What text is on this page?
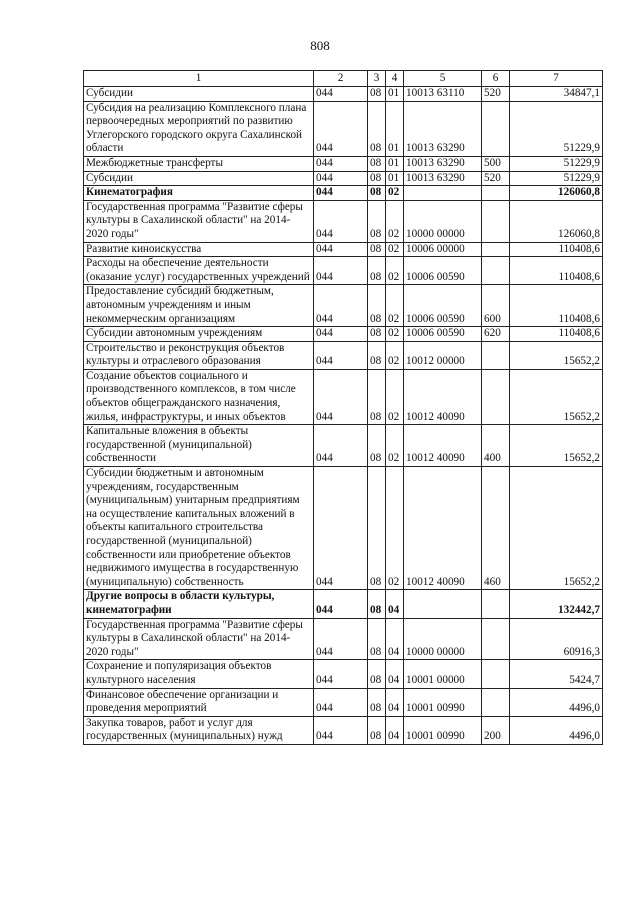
808
1	2	3	4	5	6	7
Субсидии	044	08	01	10013 63110	520	34847,1
Субсидия на реализацию Комплексного плана первоочередных мероприятий по развитию Углегорского городского округа Сахалинской области	044	08	01	10013 63290		51229,9
Межбюджетные трансферты	044	08	01	10013 63290	500	51229,9
Субсидии	044	08	01	10013 63290	520	51229,9
Кинематография	044	08	02			126060,8
Государственная программа "Развитие сферы культуры в Сахалинской области" на 2014-2020 годы"	044	08	02	10000 00000		126060,8
Развитие киноискусства	044	08	02	10006 00000		110408,6
Расходы на обеспечение деятельности (оказание услуг) государственных учреждений	044	08	02	10006 00590		110408,6
Предоставление субсидий бюджетным, автономным учреждениям и иным некоммерческим организациям	044	08	02	10006 00590	600	110408,6
Субсидии автономным учреждениям	044	08	02	10006 00590	620	110408,6
Строительство и реконструкция объектов культуры и отраслевого образования	044	08	02	10012 00000		15652,2
Создание объектов социального и производственного комплексов, в том числе объектов общегражданского назначения, жилья, инфраструктуры, и иных объектов	044	08	02	10012 40090		15652,2
Капитальные вложения в объекты государственной (муниципальной) собственности	044	08	02	10012 40090	400	15652,2
Субсидии бюджетным и автономным учреждениям, государственным (муниципальным) унитарным предприятиям на осуществление капитальных вложений в объекты капитального строительства государственной (муниципальной) собственности или приобретение объектов недвижимого имущества в государственную (муниципальную) собственность	044	08	02	10012 40090	460	15652,2
Другие вопросы в области культуры, кинематографии	044	08	04			132442,7
Государственная программа "Развитие сферы культуры в Сахалинской области" на 2014-2020 годы"	044	08	04	10000 00000		60916,3
Сохранение и популяризация объектов культурного населения	044	08	04	10001 00000		5424,7
Финансовое обеспечение организации и проведения мероприятий	044	08	04	10001 00990		4496,0
Закупка товаров, работ и услуг для государственных (муниципальных) нужд	044	08	04	10001 00990	200	4496,0
